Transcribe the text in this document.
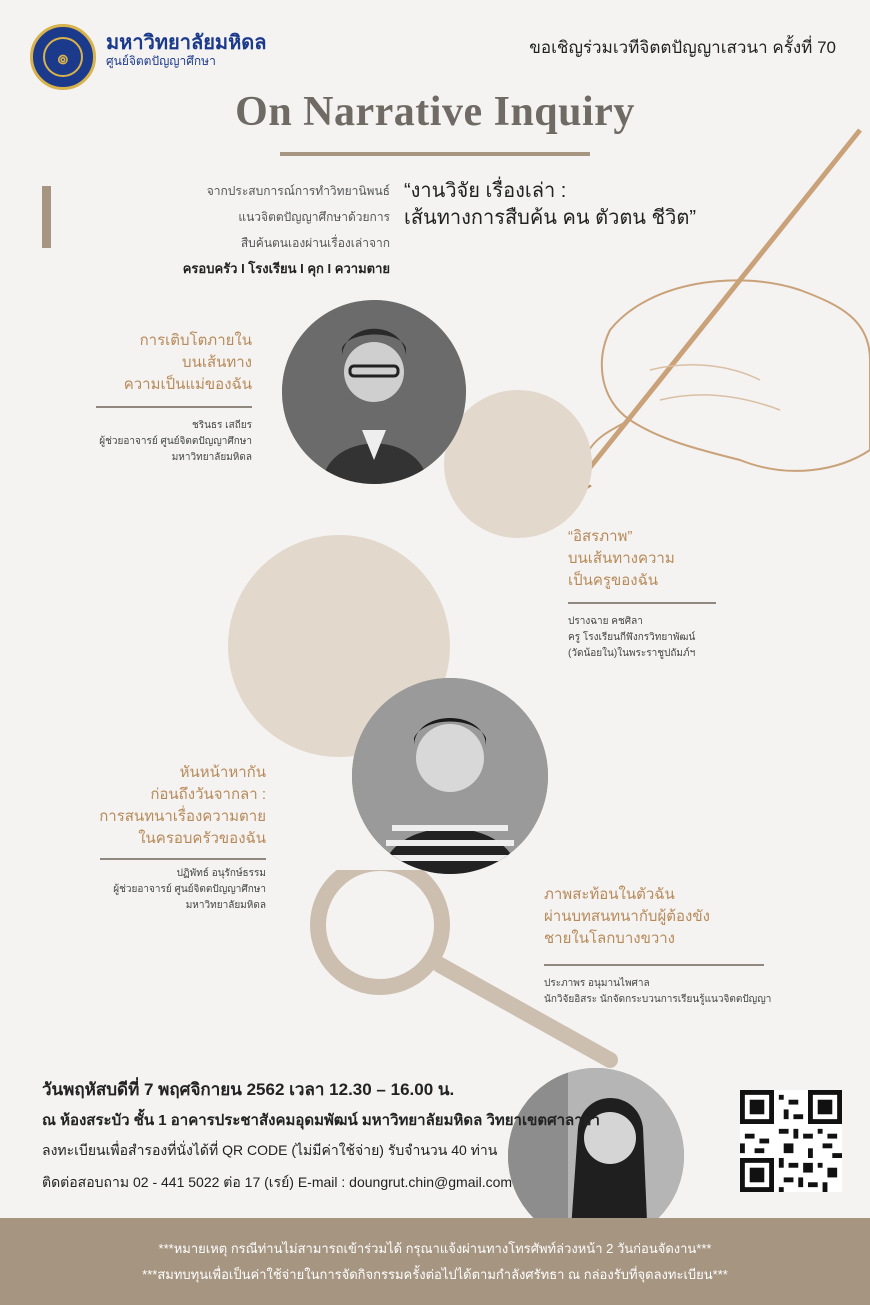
๏
มหาวิทยาลัยมหิดล
ศูนย์จิตตปัญญาศึกษา
ขอเชิญร่วมเวทีจิตตปัญญาเสวนา ครั้งที่ 70
On Narrative Inquiry
จากประสบการณ์การทำวิทยานิพนธ์
แนวจิตตปัญญาศึกษาด้วยการ
สืบค้นตนเองผ่านเรื่องเล่าจาก
ครอบครัว I โรงเรียน I คุก I ความตาย
“งานวิจัย เรื่องเล่า :
เส้นทางการสืบค้น คน ตัวตน ชีวิต”
การเติบโตภายใน
บนเส้นทาง
ความเป็นแม่ของฉัน
ชรินธร เสถียร
ผู้ช่วยอาจารย์ ศูนย์จิตตปัญญาศึกษา
มหาวิทยาลัยมหิดล
“อิสรภาพ”
บนเส้นทางความ
เป็นครูของฉัน
ปรางฉาย คชศิลา
ครู โรงเรียนกีฬังกรวิทยาพัฒน์
(วัดน้อยใน)ในพระราชูปถัมภ์ฯ
หันหน้าหากัน
ก่อนถึงวันจากลา :
การสนทนาเรื่องความตาย
ในครอบครัวของฉัน
ปฏิพัทธ์ อนุรักษ์ธรรม
ผู้ช่วยอาจารย์ ศูนย์จิตตปัญญาศึกษา
มหาวิทยาลัยมหิดล
ภาพสะท้อนในตัวฉัน
ผ่านบทสนทนากับผู้ต้องขัง
ชายในโลกบางขวาง
ประภาพร อนุมานไพศาล
นักวิจัยอิสระ นักจัดกระบวนการเรียนรู้แนวจิตตปัญญา
วันพฤหัสบดีที่ 7 พฤศจิกายน 2562 เวลา 12.30 – 16.00 น.
ณ ห้องสระบัว ชั้น 1 อาคารประชาสังคมอุดมพัฒน์ มหาวิทยาลัยมหิดล วิทยาเขตศาลายา
ลงทะเบียนเพื่อสำรองที่นั่งได้ที่ QR CODE (ไม่มีค่าใช้จ่าย) รับจำนวน 40 ท่าน
ติดต่อสอบถาม 02 - 441 5022 ต่อ 17 (เรย์) E-mail : doungrut.chin@gmail.com
***หมายเหตุ กรณีท่านไม่สามารถเข้าร่วมได้ กรุณาแจ้งผ่านทางโทรศัพท์ล่วงหน้า 2 วันก่อนจัดงาน***
***สมทบทุนเพื่อเป็นค่าใช้จ่ายในการจัดกิจกรรมครั้งต่อไปได้ตามกำลังศรัทธา ณ กล่องรับที่จุดลงทะเบียน***
